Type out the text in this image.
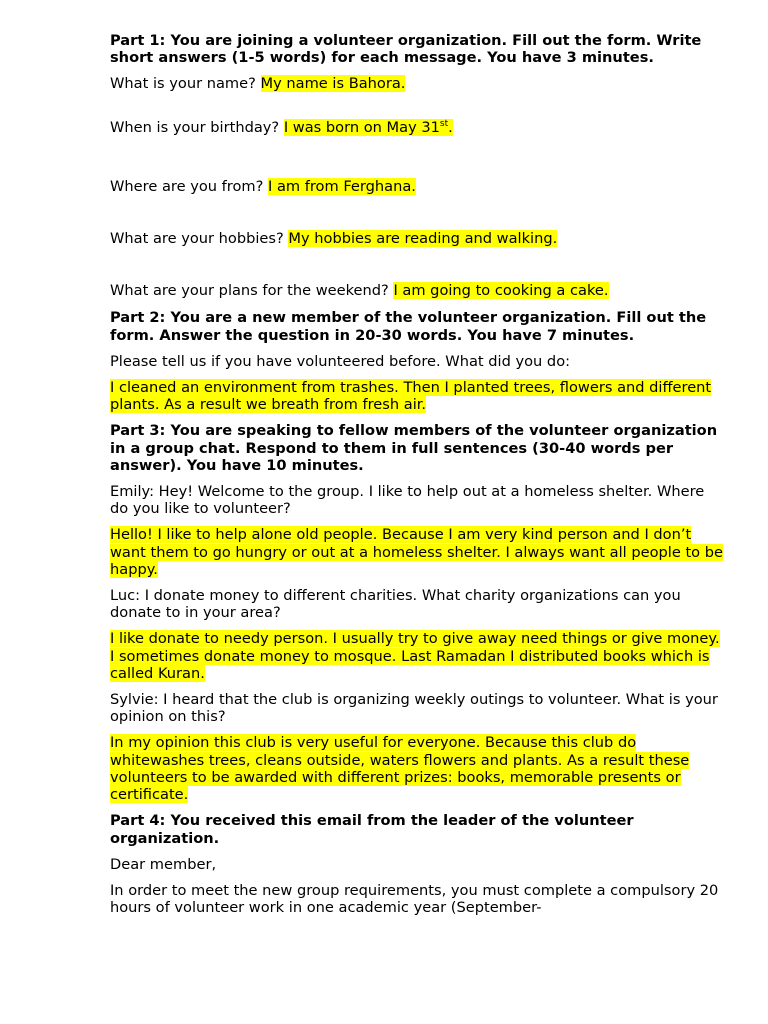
Part 1: You are joining a volunteer organization. Fill out the form. Write short answers (1-5 words) for each message. You have 3 minutes.

What is your name? My name is Bahora.

When is your birthday? I was born on May 31st.

Where are you from? I am from Ferghana.

What are your hobbies? My hobbies are reading and walking.

What are your plans for the weekend? I am going to cooking a cake.

Part 2: You are a new member of the volunteer organization. Fill out the form. Answer the question in 20-30 words. You have 7 minutes.

Please tell us if you have volunteered before. What did you do:

I cleaned an environment from trashes. Then I planted trees, flowers and different plants. As a result we breath from fresh air.

Part 3: You are speaking to fellow members of the volunteer organization in a group chat. Respond to them in full sentences (30-40 words per answer). You have 10 minutes.

Emily: Hey! Welcome to the group. I like to help out at a homeless shelter. Where do you like to volunteer?

Hello! I like to help alone old people. Because I am very kind person and I don’t want them to go hungry or out at a homeless shelter. I always want all people to be happy.

Luc: I donate money to different charities. What charity organizations can you donate to in your area?

I like donate to needy person. I usually try to give away need things or give money. I sometimes donate money to mosque. Last Ramadan I distributed books which is called Kuran.

Sylvie: I heard that the club is organizing weekly outings to volunteer. What is your opinion on this?

In my opinion this club is very useful for everyone. Because this club do whitewashes trees, cleans outside, waters flowers and plants. As a result these volunteers to be awarded with different prizes: books, memorable presents or certificate.

Part 4: You received this email from the leader of the volunteer organization.

Dear member,

In order to meet the new group requirements, you must complete a compulsory 20 hours of volunteer work in one academic year (September-
